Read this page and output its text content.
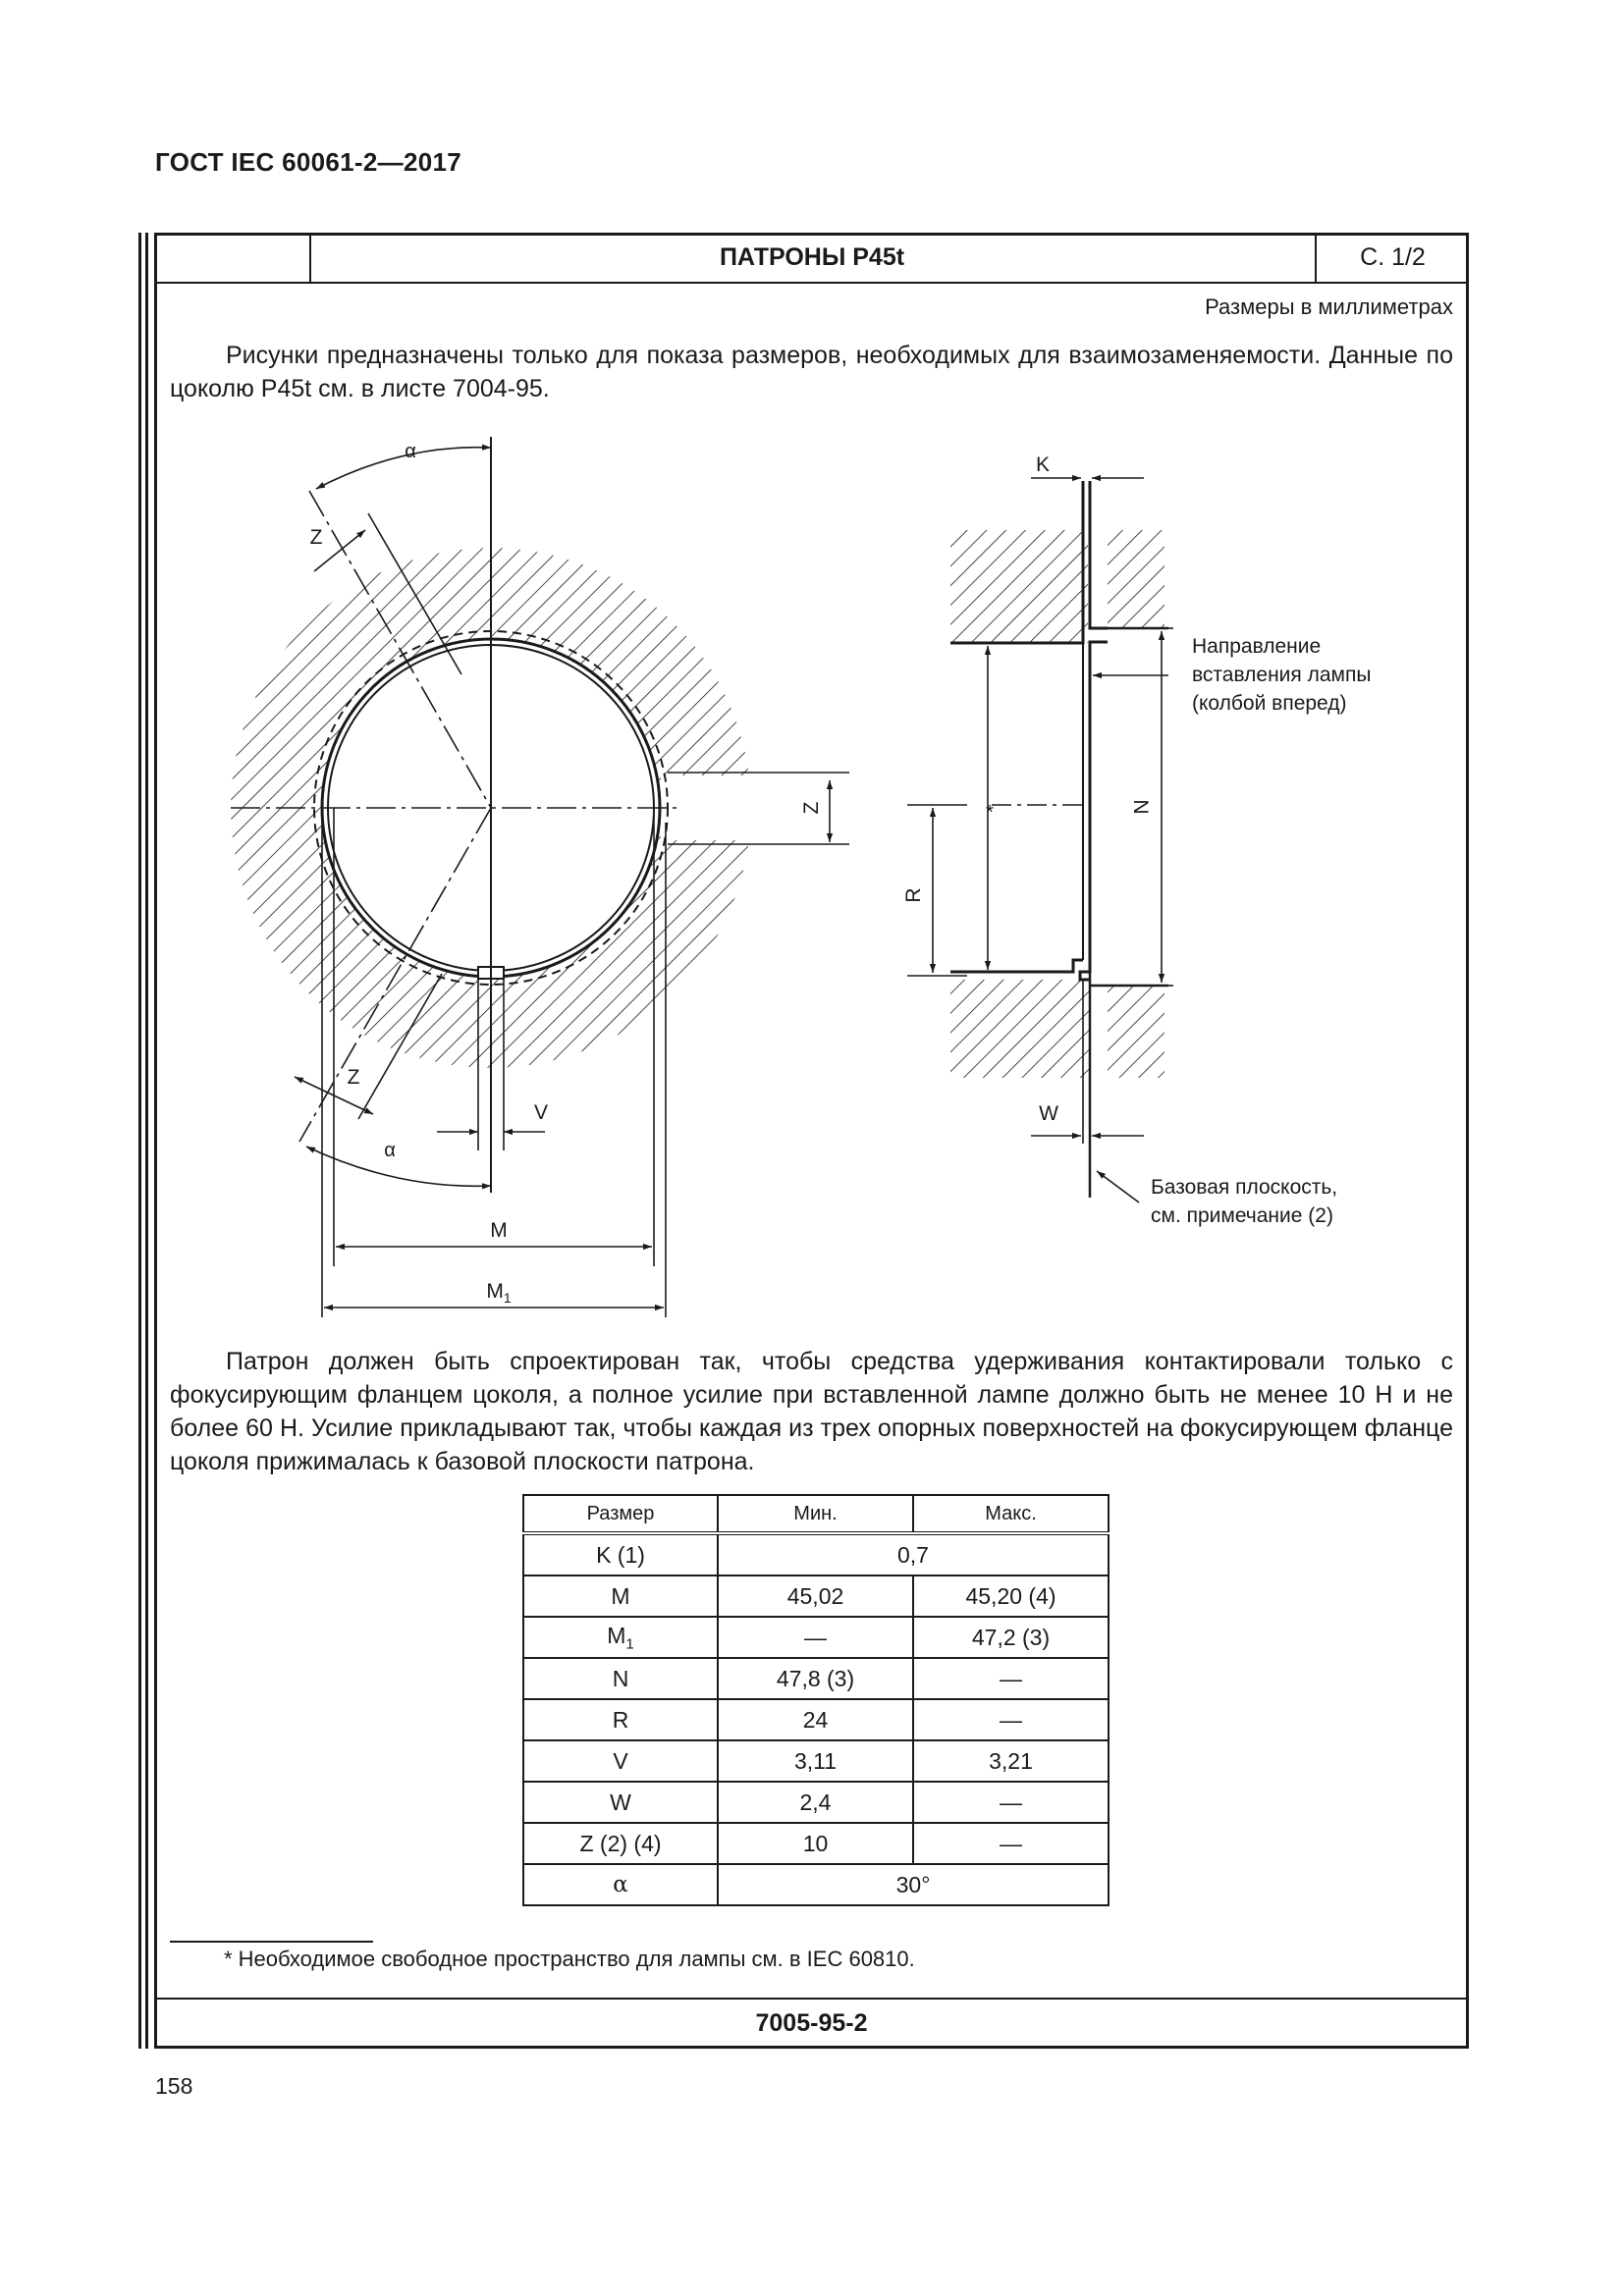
ГОСТ IEC 60061-2—2017
ПАТРОНЫ P45t	С. 1/2
Размеры в миллиметрах
Рисунки предназначены только для показа размеров, необходимых для взаимозаменяемости. Данные по цоколю P45t см. в листе 7004-95.
α
Z
Z
α
V
Z
M
$M_1$
K
W
*
R
N
Направление
вставления лампы
(колбой вперед)
Базовая плоскость,
см. примечание (2)
Патрон должен быть спроектирован так, чтобы средства удерживания контактировали только с фокусирующим фланцем цоколя, а полное усилие при вставленной лампе должно быть не менее 10 Н и не более 60 Н. Усилие прикладывают так, чтобы каждая из трех опорных поверхностей на фокусирующем фланце цоколя прижималась к базовой плоскости патрона.
Размер	Мин.	Макс.
K (1)	0,7	
M	45,02	45,20 (4)
$M_1$	—	47,2 (3)
N	47,8 (3)	—
R	24	—
V	3,11	3,21
W	2,4	—
Z (2) (4)	10	—
α	30°	
* Необходимое свободное пространство для лампы см. в IEC 60810.
7005-95-2
158
